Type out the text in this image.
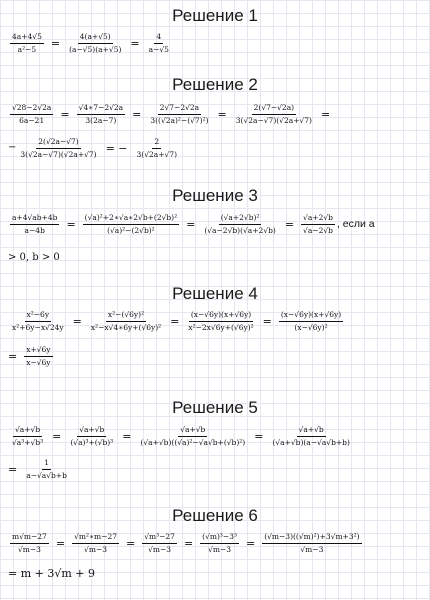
Решение 1
$\frac{4a+4√5}{\text{a²−5}} = \frac{4(a+√5)}{(a-√5)(a+√5)} = \frac{4}{a-√5}$
Решение 2
$\frac{√28-2√2a}{6a-21} = \frac{√4∗7-2√2a}{3(2a-7)} = \frac{2√7-2√2a}{\text{3((√2a)²−(√7)²)}} = \frac{2(√7-√2a)}{3(√2a-√7)(√2a+√7)}$ =
− $\frac{2(√2a-√7)}{3(√2a-√7)(√2a+√7)}$ = − $\frac{2}{3(√2a+√7)}$
Решение 3
$\frac{a+4√ab+4b}{a-4b} = \frac{\text{(√a)²+2∗√a∗2√b+(2√b)²}}{\text{(√a)²−(2√b)²}} = \frac{\text{(√a+2√b)²}}{(√a-2√b)(√a+2√b)} = \frac{√a+2√b}{√a-2√b}$ , если a
> 0, b > 0
Решение 4
$\frac{\text{x²−6y}}{\text{x²+6y−x√24y}} = \frac{\text{x²−(√6y)²}}{\text{x²−x√4∗6y+(√6y)²}} = \frac{(x-√6y)(x+√6y)}{\text{x²−2x√6y+(√6y)²}} = \frac{(x-√6y)(x+√6y)}{\text{(x−√6y)²}}$
= $\frac{x+√6y}{x-√6y}$
Решение 5
$\frac{√a+√b}{\text{√a³+√b³}} = \frac{√a+√b}{\text{(√a)³+(√b)³}} = \frac{√a+√b}{\text{(√a+√b)((√a)²−√a√b+(√b)²)}} = \frac{√a+√b}{(√a+√b)(a-√a√b+b)}$
= $\frac{1}{a-√a√b+b}$
Решение 6
$\frac{m√m-27}{√m-3} = \frac{\text{√m²∗m−27}}{√m-3} = \frac{\text{√m³−27}}{√m-3} = \frac{\text{(√m)³−3³}}{√m-3} = \frac{\text{(√m−3)((√m)²)+3√m+3²)}}{√m-3}$
= m + 3√m + 9
